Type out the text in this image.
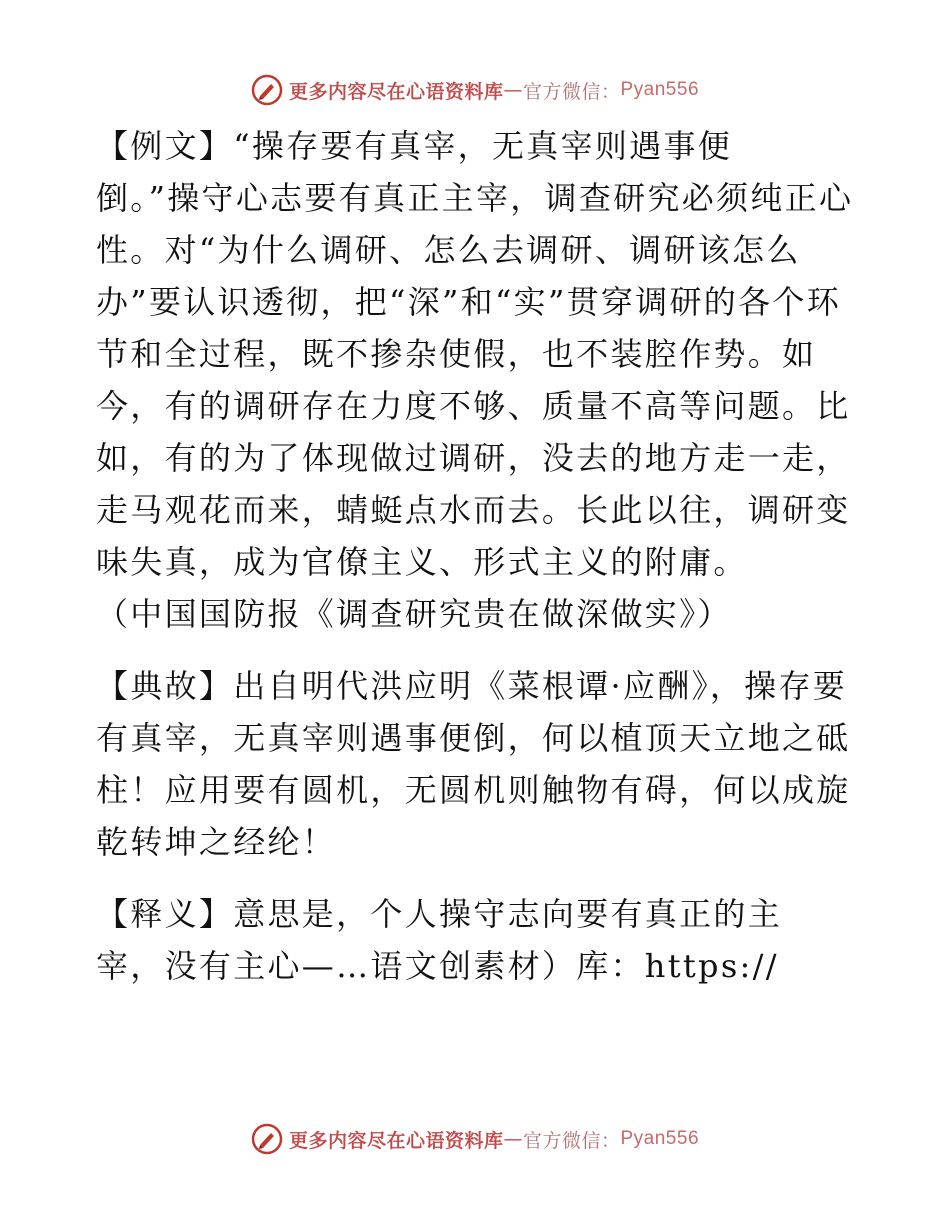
更多内容尽在心语资料库 — 官方微信： Pyan556

【例文】“操存要有真宰，无真宰则遇事便
倒。”操守心志要有真正主宰，调查研究必须纯正心性。对“为什么调研、怎么去调研、调研该怎么办”要认识透彻，把“深”和“实”贯穿调研的各个环节和全过程，既不掺杂使假，也不装腔作势。如今，有的调研存在力度不够、质量不高等问题。比如，有的为了体现做过调研，没去的地方走一走，走马观花而来，蜻蜓点水而去。长此以往，调研变味失真，成为官僚主义、形式主义的附庸。

（中国国防报《调查研究贵在做深做实》）

【典故】出自明代洪应明《菜根谭·应酬》，操存要有真宰，无真宰则遇事便倒，何以植顶天立地之砥柱！应用要有圆机，无圆机则触物有碍，何以成旋乾转坤之经纶！

【释义】意思是，个人操守志向要有真正的主
宰，没有主心—…语文创素材）库：https://

更多内容尽在心语资料库 — 官方微信： Pyan556
